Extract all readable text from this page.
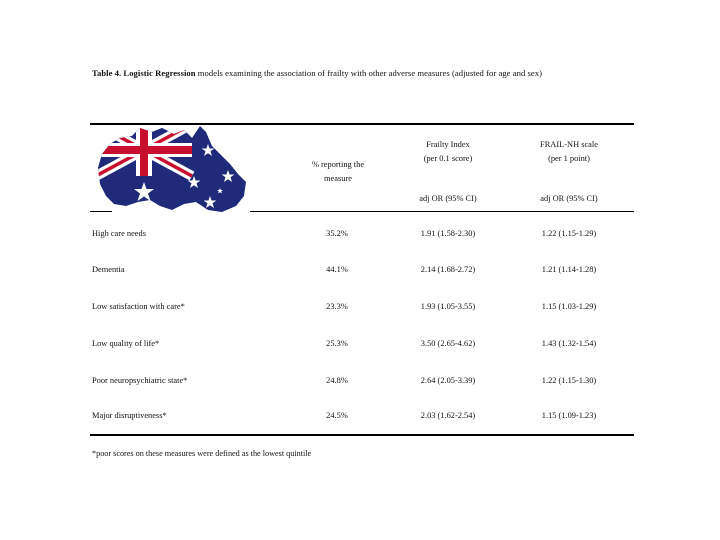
Table 4. Logistic Regression models examining the association of frailty with other adverse measures (adjusted for age and sex)
% reporting the measure
Frailty Index
(per 0.1 score)
FRAIL-NH scale
(per 1 point)
adj OR (95% CI)	adj OR (95% CI)
High care needs	35.2%	1.91 (1.58-2.30)	1.22 (1.15-1.29)
Dementia	44.1%	2.14 (1.68-2.72)	1.21 (1.14-1.28)
Low satisfaction with care*	23.3%	1.93 (1.05-3.55)	1.15 (1.03-1.29)
Low quality of life*	25.3%	3.50 (2.65-4.62)	1.43 (1.32-1.54)
Poor neuropsychiatric state*	24.8%	2.64 (2.05-3.39)	1.22 (1.15-1.30)
Major disruptiveness*	24.5%	2.03 (1.62-2.54)	1.15 (1.09-1.23)
*poor scores on these measures were defined as the lowest quintile
